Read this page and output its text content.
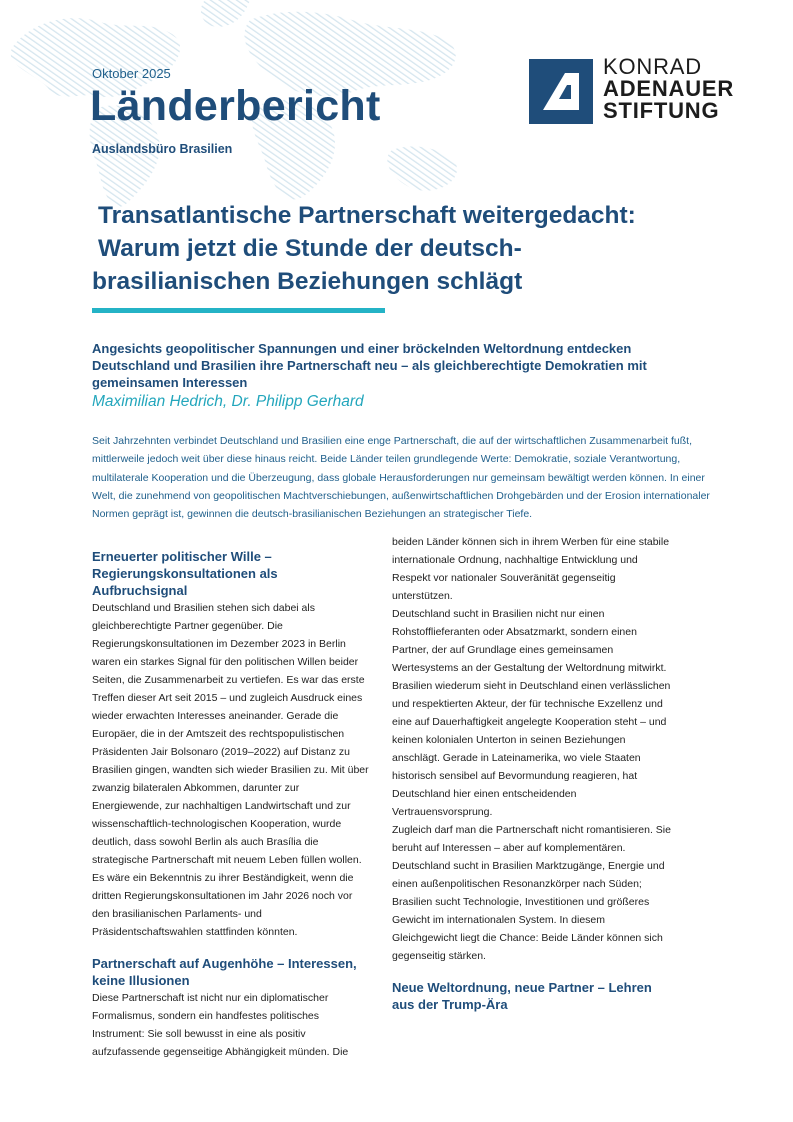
Oktober 2025
Länderbericht
Auslandsbüro Brasilien
KONRAD
ADENAUER
STIFTUNG
Transatlantische Partnerschaft weitergedacht:
Warum jetzt die Stunde der deutsch-
brasilianischen Beziehungen schlägt
Angesichts geopolitischer Spannungen und einer bröckelnden Weltordnung entdecken Deutschland und Brasilien ihre Partnerschaft neu – als gleichberechtigte Demokratien mit gemeinsamen Interessen
Maximilian Hedrich, Dr. Philipp Gerhard
Seit Jahrzehnten verbindet Deutschland und Brasilien eine enge Partnerschaft, die auf der wirtschaftlichen Zusammenarbeit fußt, mittlerweile jedoch weit über diese hinaus reicht. Beide Länder teilen grundlegende Werte: Demokratie, soziale Verantwortung, multilaterale Kooperation und die Überzeugung, dass globale Herausforderungen nur gemeinsam bewältigt werden können. In einer Welt, die zunehmend von geopolitischen Machtverschiebungen, außenwirtschaftlichen Drohgebärden und der Erosion internationaler Normen geprägt ist, gewinnen die deutsch-brasilianischen Beziehungen an strategischer Tiefe.
Erneuerter politischer Wille – Regierungskonsultationen als Aufbruchsignal

Deutschland und Brasilien stehen sich dabei als gleichberechtigte Partner gegenüber. Die Regierungskonsultationen im Dezember 2023 in Berlin waren ein starkes Signal für den politischen Willen beider Seiten, die Zusammenarbeit zu vertiefen. Es war das erste Treffen dieser Art seit 2015 – und zugleich Ausdruck eines wieder erwachten Interesses aneinander. Gerade die Europäer, die in der Amtszeit des rechtspopulistischen Präsidenten Jair Bolsonaro (2019–2022) auf Distanz zu Brasilien gingen, wandten sich wieder Brasilien zu. Mit über zwanzig bilateralen Abkommen, darunter zur Energiewende, zur nachhaltigen Landwirtschaft und zur wissenschaftlich-technologischen Kooperation, wurde deutlich, dass sowohl Berlin als auch Brasília die strategische Partnerschaft mit neuem Leben füllen wollen. Es wäre ein Bekenntnis zu ihrer Beständigkeit, wenn die dritten Regierungskonsultationen im Jahr 2026 noch vor den brasilianischen Parlaments- und Präsidentschaftswahlen stattfinden könnten.

Partnerschaft auf Augenhöhe – Interessen, keine Illusionen

Diese Partnerschaft ist nicht nur ein diplomatischer Formalismus, sondern ein handfestes politisches Instrument: Sie soll bewusst in eine als positiv aufzufassende gegenseitige Abhängigkeit münden. Die

beiden Länder können sich in ihrem Werben für eine stabile internationale Ordnung, nachhaltige Entwicklung und Respekt vor nationaler Souveränität gegenseitig unterstützen.

Deutschland sucht in Brasilien nicht nur einen Rohstofflieferanten oder Absatzmarkt, sondern einen Partner, der auf Grundlage eines gemeinsamen Wertesystems an der Gestaltung der Weltordnung mitwirkt.

Brasilien wiederum sieht in Deutschland einen verlässlichen und respektierten Akteur, der für technische Exzellenz und eine auf Dauerhaftigkeit angelegte Kooperation steht – und keinen kolonialen Unterton in seinen Beziehungen anschlägt. Gerade in Lateinamerika, wo viele Staaten historisch sensibel auf Bevormundung reagieren, hat Deutschland hier einen entscheidenden Vertrauensvorsprung.

Zugleich darf man die Partnerschaft nicht romantisieren. Sie beruht auf Interessen – aber auf komplementären. Deutschland sucht in Brasilien Marktzugänge, Energie und

einen außenpolitischen Resonanzkörper nach Süden; Brasilien sucht Technologie, Investitionen und größeres Gewicht im internationalen System. In diesem Gleichgewicht liegt die Chance: Beide Länder können sich gegenseitig stärken.

Neue Weltordnung, neue Partner – Lehren aus der Trump-Ära
